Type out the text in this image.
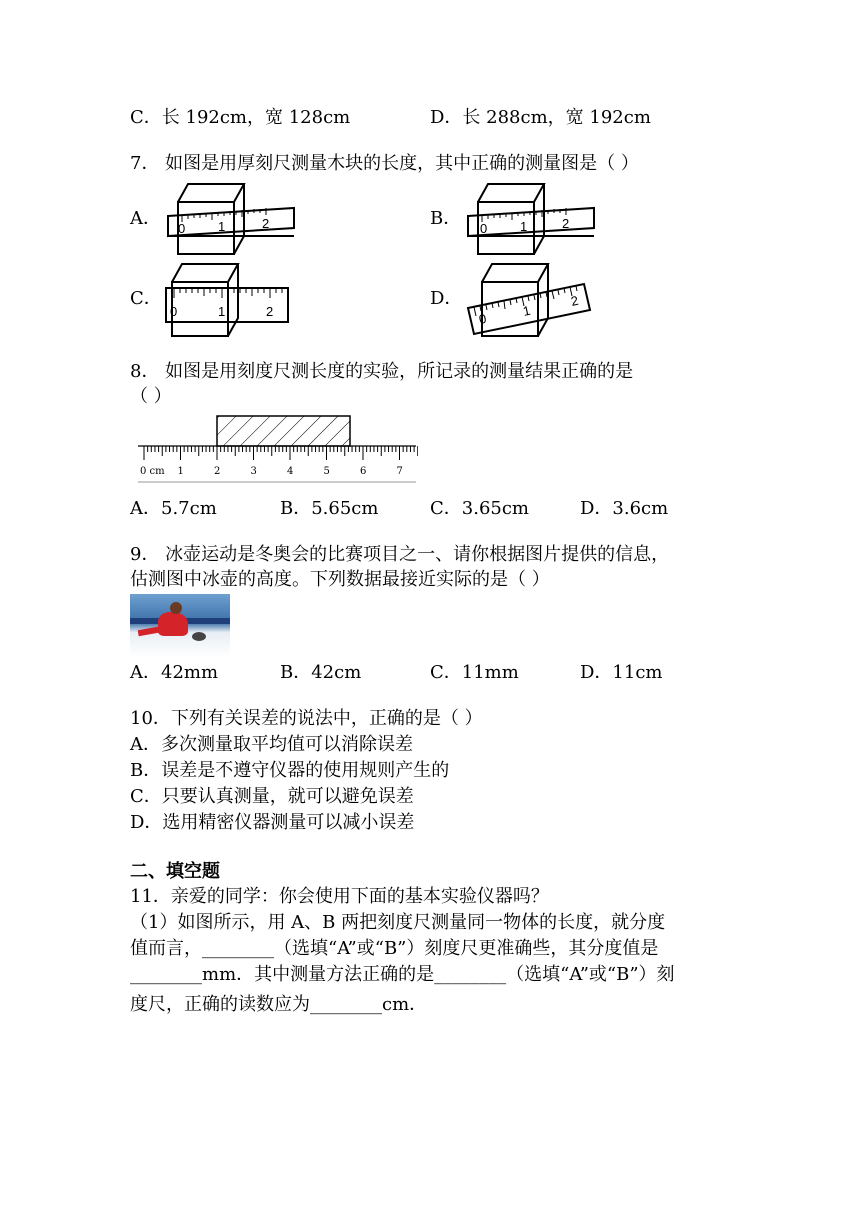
C．长 192cm，宽 128cm	D．长 288cm，宽 192cm
7． 如图是用厚刻尺测量木块的长度，其中正确的测量图是（ ）
A．	B．
C．	D．
0	1	2	0	1	2
0	1	2	0	1
2
8． 如图是用刻度尺测长度的实验，所记录的测量结果正确的是
（ ）
0 cm 1	2	3	4	5	6	7
A．5.7cm	B．5.65cm	C．3.65cm	D．3.6cm
9． 冰壶运动是冬奥会的比赛项目之一、请你根据图片提供的信息，
估测图中冰壶的高度。下列数据最接近实际的是（ ）
A．42mm	B．42cm	C．11mm	D．11cm
10．下列有关误差的说法中，正确的是（ ）
A．多次测量取平均值可以消除误差
B．误差是不遵守仪器的使用规则产生的
C．只要认真测量，就可以避免误差
D．选用精密仪器测量可以减小误差
二、填空题
11．亲爱的同学：你会使用下面的基本实验仪器吗？
（1）如图所示，用 A、B 两把刻度尺测量同一物体的长度，就分度
值而言，________（选填“A”或“B”）刻度尺更准确些，其分度值是
________mm．其中测量方法正确的是________（选填“A”或“B”）刻
度尺，正确的读数应为________cm．
